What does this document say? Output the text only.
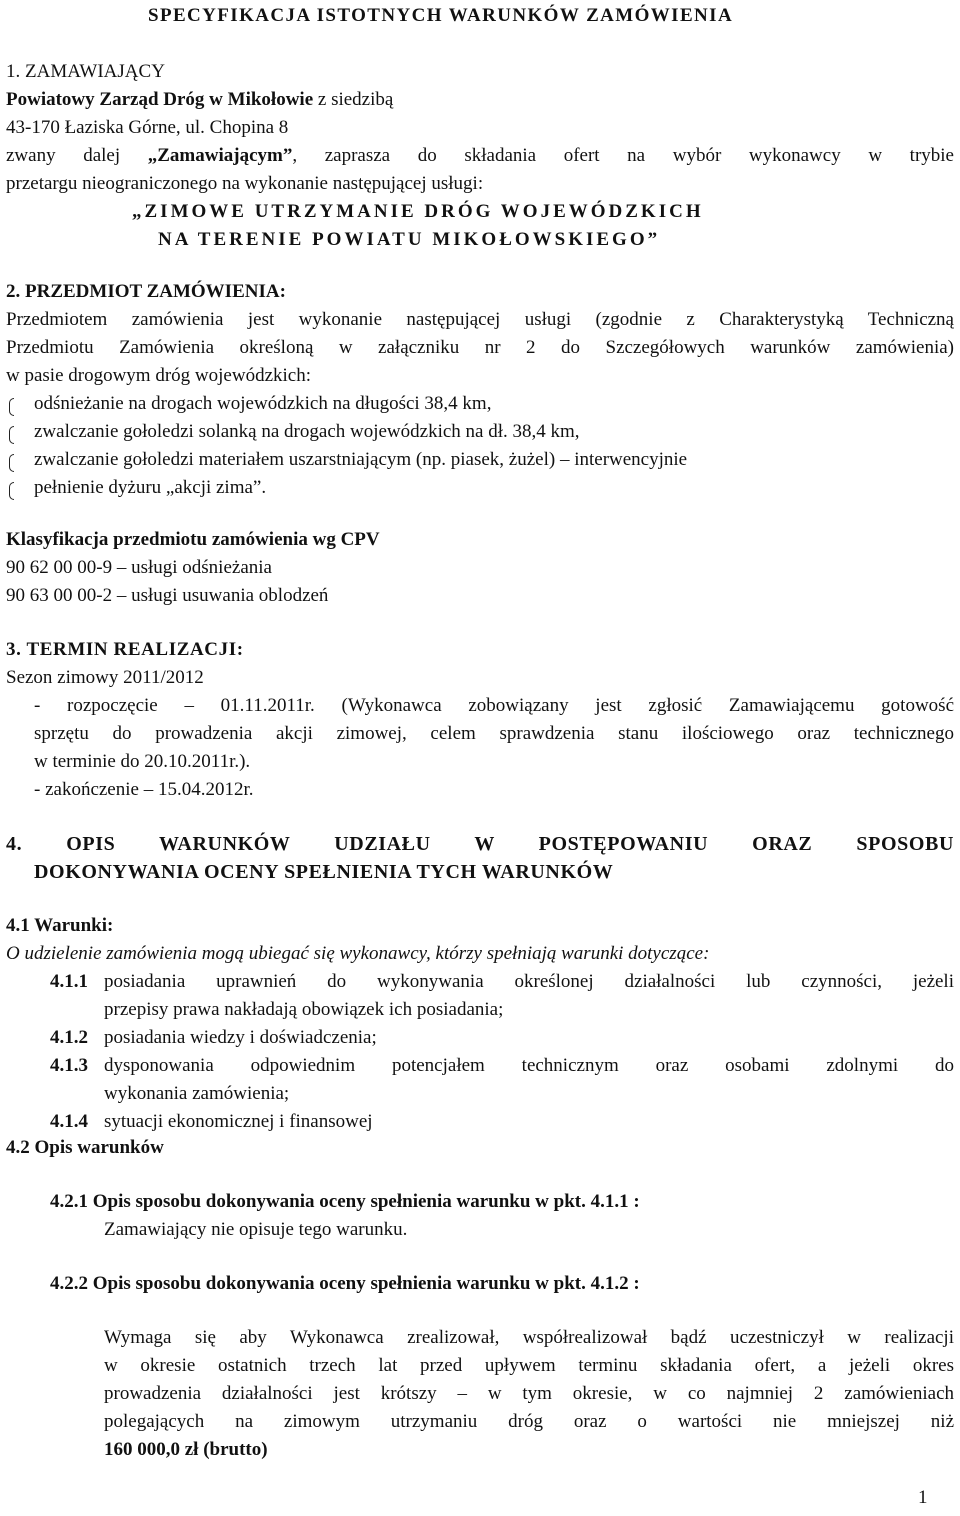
SPECYFIKACJA ISTOTNYCH WARUNKÓW ZAMÓWIENIA
1. ZAMAWIAJĄCY
Powiatowy Zarząd Dróg w Mikołowie z siedzibą
43-170 Łaziska Górne, ul. Chopina 8
zwany dalej „Zamawiającym”, zaprasza do składania ofert na wybór wykonawcy w trybie
przetargu nieograniczonego na wykonanie następującej usługi:
„ZIMOWE UTRZYMANIE DRÓG WOJEWÓDZKICH
NA TERENIE POWIATU MIKOŁOWSKIEGO”
2. PRZEDMIOT ZAMÓWIENIA:
Przedmiotem zamówienia jest wykonanie następującej usługi (zgodnie z Charakterystyką Techniczną
Przedmiotu Zamówienia określoną w załączniku nr 2 do Szczegółowych warunków zamówienia)
w pasie drogowym dróg wojewódzkich:
odśnieżanie na drogach wojewódzkich na długości 38,4 km,
zwalczanie gołoledzi solanką na drogach wojewódzkich na dł. 38,4 km,
zwalczanie gołoledzi materiałem uszarstniającym (np. piasek, żużel) – interwencyjnie
pełnienie dyżuru „akcji zima”.
Klasyfikacja przedmiotu zamówienia wg CPV
90 62 00 00-9 – usługi odśnieżania
90 63 00 00-2 – usługi usuwania oblodzeń
3. TERMIN REALIZACJI:
Sezon zimowy 2011/2012
- rozpoczęcie – 01.11.2011r. (Wykonawca zobowiązany jest zgłosić Zamawiającemu gotowość
sprzętu do prowadzenia akcji zimowej, celem sprawdzenia stanu ilościowego oraz technicznego
w terminie do 20.10.2011r.).
- zakończenie – 15.04.2012r.
4. OPIS WARUNKÓW UDZIAŁU W POSTĘPOWANIU ORAZ SPOSOBU
DOKONYWANIA OCENY SPEŁNIENIA TYCH WARUNKÓW
4.1 Warunki:
O udzielenie zamówienia mogą ubiegać się wykonawcy, którzy spełniają warunki dotyczące:
4.1.1 posiadania uprawnień do wykonywania określonej działalności lub czynności, jeżeli
przepisy prawa nakładają obowiązek ich posiadania;
4.1.2 posiadania wiedzy i doświadczenia;
4.1.3 dysponowania odpowiednim potencjałem technicznym oraz osobami zdolnymi do
wykonania zamówienia;
4.1.4 sytuacji ekonomicznej i finansowej
4.2 Opis warunków
4.2.1 Opis sposobu dokonywania oceny spełnienia warunku w pkt. 4.1.1 :
Zamawiający nie opisuje tego warunku.
4.2.2 Opis sposobu dokonywania oceny spełnienia warunku w pkt. 4.1.2 :
Wymaga się aby Wykonawca zrealizował, współrealizował bądź uczestniczył w realizacji
w okresie ostatnich trzech lat przed upływem terminu składania ofert, a jeżeli okres
prowadzenia działalności jest krótszy – w tym okresie, w co najmniej 2 zamówieniach
polegających na zimowym utrzymaniu dróg oraz o wartości nie mniejszej niż
160 000,0 zł (brutto)
1
